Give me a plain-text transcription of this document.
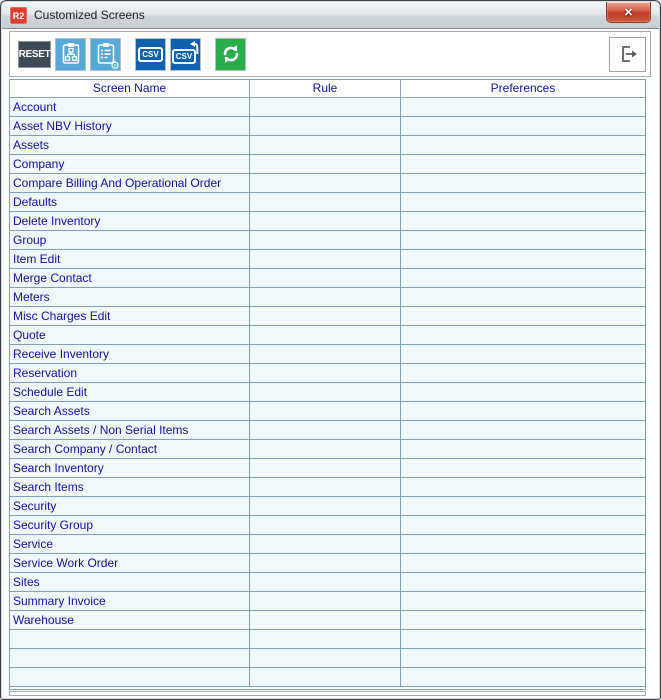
R2 Customized Screens	✕
RESET
⚙
CSV	CSV
Screen Name	Rule	Preferences
Account
Asset NBV History
Assets
Company
Compare Billing And Operational Order
Defaults
Delete Inventory
Group
Item Edit
Merge Contact
Meters
Misc Charges Edit
Quote
Receive Inventory
Reservation
Schedule Edit
Search Assets
Search Assets / Non Serial Items
Search Company / Contact
Search Inventory
Search Items
Security
Security Group
Service
Service Work Order
Sites
Summary Invoice
Warehouse
